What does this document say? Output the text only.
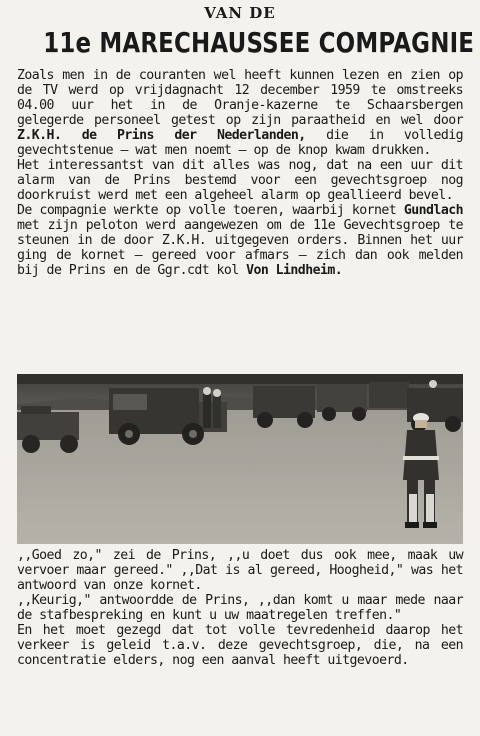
VAN DE
11e MARECHAUSSEE COMPAGNIE

Zoals men in de couranten wel heeft kunnen lezen en zien op de TV werd op vrijdagnacht 12 december 1959 te omstreeks 04.00 uur het in de Oranje-kazerne te Schaarsbergen gelegerde personeel getest op zijn paraatheid en wel door Z.K.H. de Prins der Nederlanden, die in volledig gevechtstenue — wat men noemt — op de knop kwam drukken.

Het interessantst van dit alles was nog, dat na een uur dit alarm van de Prins bestemd voor een gevechtsgroep nog doorkruist werd met een algeheel alarm op geallieerd bevel.

De compagnie werkte op volle toeren, waarbij kornet Gundlach met zijn peloton werd aangewezen om de 11e Gevechtsgroep te steunen in de door Z.K.H. uitgegeven orders. Binnen het uur ging de kornet — gereed voor afmars — zich dan ook melden bij de Prins en de Ggr.cdt kol Von Lindheim.

,,Goed zo," zei de Prins, ,,u doet dus ook mee, maak uw vervoer maar gereed." ,,Dat is al gereed, Hoogheid," was het antwoord van onze kornet.

,,Keurig," antwoordde de Prins, ,,dan komt u maar mede naar de stafbespreking en kunt u uw maatregelen treffen."

En het moet gezegd dat tot volle tevredenheid daarop het verkeer is geleid t.a.v. deze gevechtsgroep, die, na een concentratie elders, nog een aanval heeft uitgevoerd.
